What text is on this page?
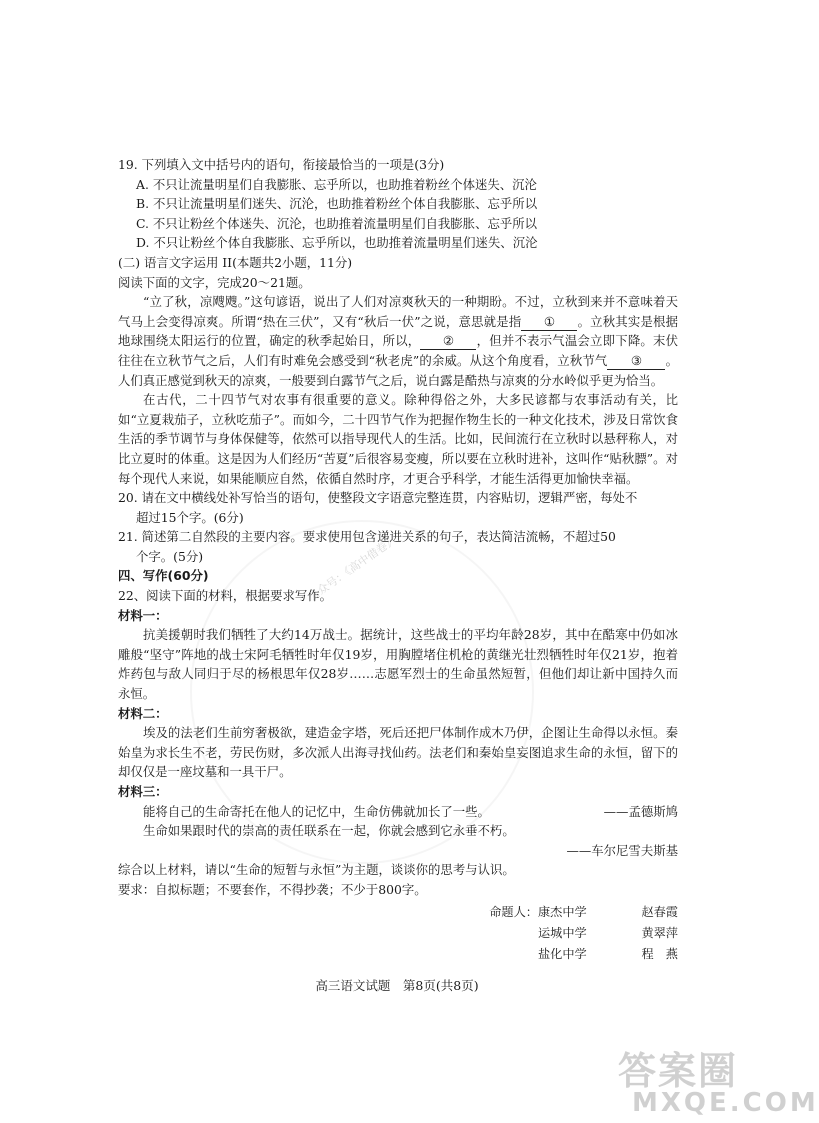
公众号：《高中借卷》
19. 下列填入文中括号内的语句，衔接最恰当的一项是(3分)
A. 不只让流量明星们自我膨胀、忘乎所以，也助推着粉丝个体迷失、沉沦
B. 不只让流量明星们迷失、沉沦，也助推着粉丝个体自我膨胀、忘乎所以
C. 不只让粉丝个体迷失、沉沦，也助推着流量明星们自我膨胀、忘乎所以
D. 不只让粉丝个体自我膨胀、忘乎所以，也助推着流量明星们迷失、沉沦
(二) 语言文字运用 II(本题共2小题，11分)
阅读下面的文字，完成20～21题。

“立了秋，凉飕飕。”这句谚语，说出了人们对凉爽秋天的一种期盼。不过，立秋到来并不意味着天气马上会变得凉爽。所谓“热在三伏”，又有“秋后一伏”之说，意思就是指 ① 。立秋其实是根据地球围绕太阳运行的位置，确定的秋季起始日，所以， ② ，但并不表示气温会立即下降。末伏往往在立秋节气之后，人们有时难免会感受到“秋老虎”的余威。从这个角度看，立秋节气 ③ 。人们真正感觉到秋天的凉爽，一般要到白露节气之后，说白露是酷热与凉爽的分水岭似乎更为恰当。

在古代，二十四节气对农事有很重要的意义。除种得俗之外，大多民谚都与农事活动有关，比如“立夏栽茄子，立秋吃茄子”。而如今，二十四节气作为把握作物生长的一种文化技术，涉及日常饮食生活的季节调节与身体保健等，依然可以指导现代人的生活。比如，民间流行在立秋时以悬秤称人，对比立夏时的体重。这是因为人们经历“苦夏”后很容易变瘦，所以要在立秋时进补，这叫作“贴秋膘”。对每个现代人来说，如果能顺应自然，依循自然时序，才更合乎科学，才能生活得更加愉快幸福。

20. 请在文中横线处补写恰当的语句，使整段文字语意完整连贯，内容贴切，逻辑严密，每处不
超过15个字。(6分)
21. 简述第二自然段的主要内容。要求使用包含递进关系的句子，表达简洁流畅，不超过50
个字。(5分)
四、写作(60分)
22、阅读下面的材料，根据要求写作。
材料一：

抗美援朝时我们牺牲了大约14万战士。据统计，这些战士的平均年龄28岁，其中在酷寒中仍如冰雕般“坚守”阵地的战士宋阿毛牺牲时年仅19岁，用胸膛堵住机枪的黄继光壮烈牺牲时年仅21岁，抱着炸药包与敌人同归于尽的杨根思年仅28岁……志愿军烈士的生命虽然短暂，但他们却让新中国持久而永恒。

材料二：

埃及的法老们生前穷奢极欲，建造金字塔，死后还把尸体制作成木乃伊，企图让生命得以永恒。秦始皇为求长生不老，劳民伤财，多次派人出海寻找仙药。法老们和秦始皇妄图追求生命的永恒，留下的却仅仅是一座坟墓和一具干尸。

材料三：
能将自己的生命寄托在他人的记忆中，生命仿佛就加长了一些。	——孟德斯鸠
生命如果跟时代的崇高的责任联系在一起，你就会感到它永垂不朽。
——车尔尼雪夫斯基
综合以上材料，请以“生命的短暂与永恒”为主题，谈谈你的思考与认识。
要求：自拟标题；不要套作，不得抄袭；不少于800字。
命题人： 康杰中学	赵春霞
运城中学	黄翠萍
盐化中学	程　燕
高三语文试题　第8页(共8页)
答案圈
MXQE.COM
